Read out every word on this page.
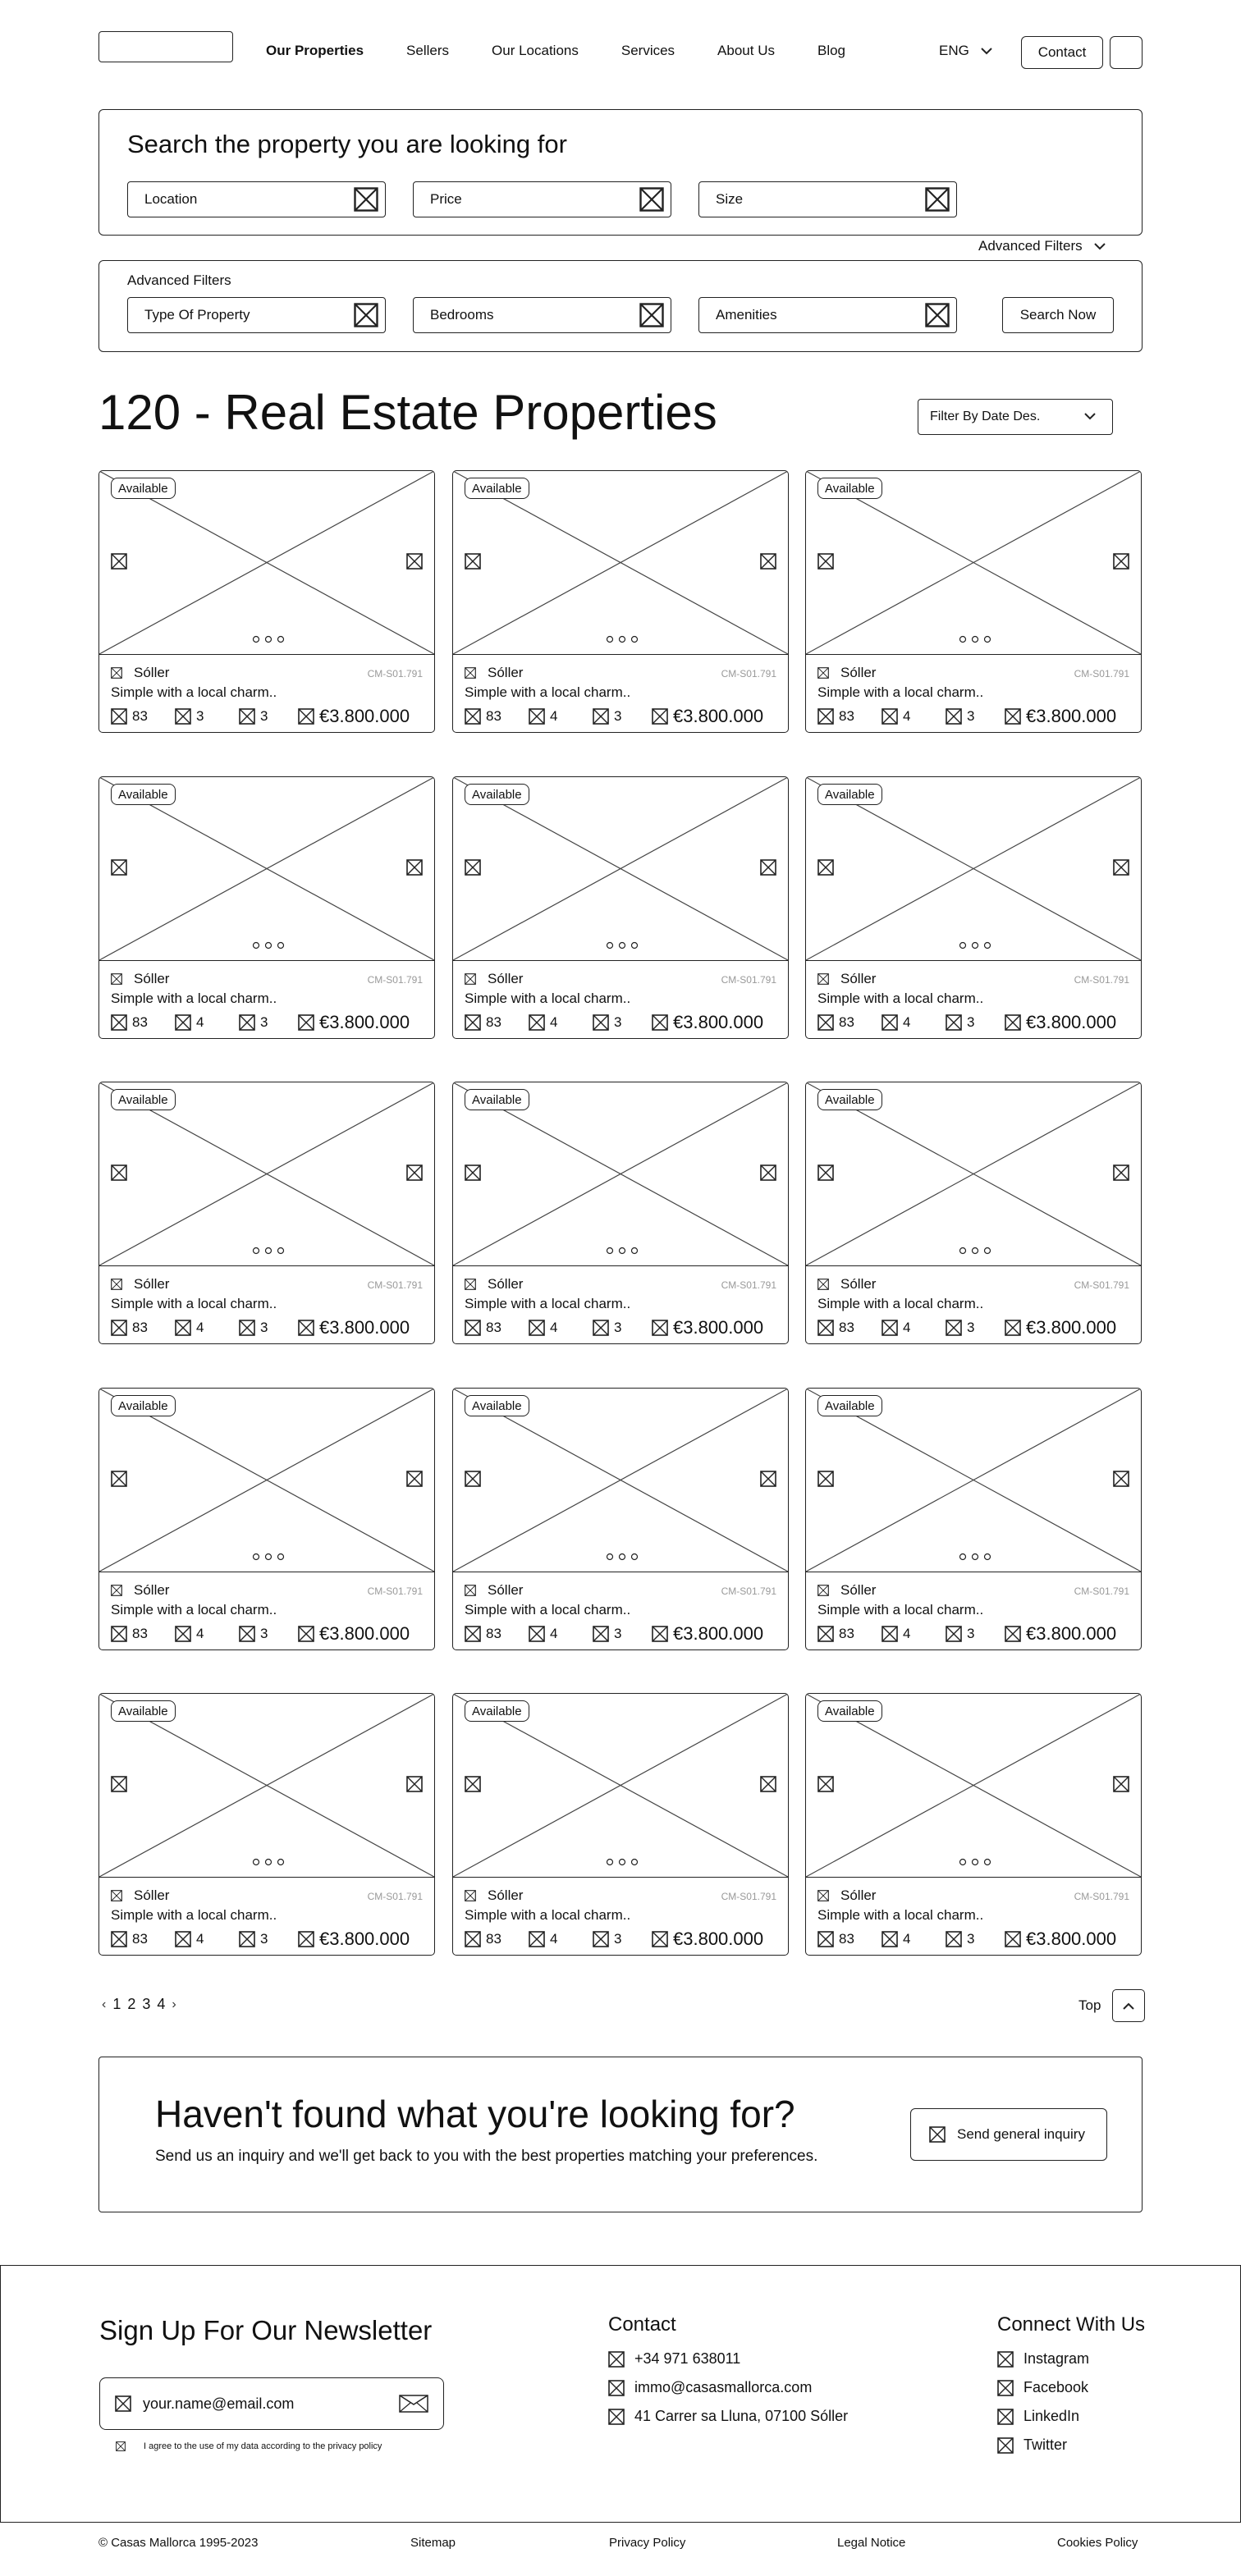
Our Properties	Sellers	Our Locations	Services	About Us	Blog	ENG	Contact
Search the property you are looking for
Location	Price	Size
Advanced Filters
Advanced Filters
Type Of Property	Bedrooms	Amenities	Search Now
120 - Real Estate Properties	Filter By Date Des.
Available
Sóller	CM-S01.791
Simple with a local charm..
83	3	3	€3.800.000
Available
Sóller	CM-S01.791
Simple with a local charm..
83	4	3	€3.800.000
Available
Sóller	CM-S01.791
Simple with a local charm..
83	4	3	€3.800.000
Available
Sóller	CM-S01.791
Simple with a local charm..
83	4	3	€3.800.000
Available
Sóller	CM-S01.791
Simple with a local charm..
83	4	3	€3.800.000
Available
Sóller	CM-S01.791
Simple with a local charm..
83	4	3	€3.800.000
Available
Sóller	CM-S01.791
Simple with a local charm..
83	4	3	€3.800.000
Available
Sóller	CM-S01.791
Simple with a local charm..
83	4	3	€3.800.000
Available
Sóller	CM-S01.791
Simple with a local charm..
83	4	3	€3.800.000
Available
Sóller	CM-S01.791
Simple with a local charm..
83	4	3	€3.800.000
Available
Sóller	CM-S01.791
Simple with a local charm..
83	4	3	€3.800.000
Available
Sóller	CM-S01.791
Simple with a local charm..
83	4	3	€3.800.000
Available
Sóller	CM-S01.791
Simple with a local charm..
83	4	3	€3.800.000
Available
Sóller	CM-S01.791
Simple with a local charm..
83	4	3	€3.800.000
Available
Sóller	CM-S01.791
Simple with a local charm..
83	4	3	€3.800.000
‹ 1 2 3 4 ›	Top
Haven't found what you're looking for?
Send us an inquiry and we'll get back to you with the best properties matching your preferences.
Send general inquiry
Sign Up For Our Newsletter
your.name@email.com
I agree to the use of my data according to the privacy policy
Contact
+34 971 638011
immo@casasmallorca.com
41 Carrer sa Lluna, 07100 Sóller
Connect With Us
Instagram
Facebook
LinkedIn
Twitter
© Casas Mallorca 1995-2023	Sitemap	Privacy Policy	Legal Notice	Cookies Policy
